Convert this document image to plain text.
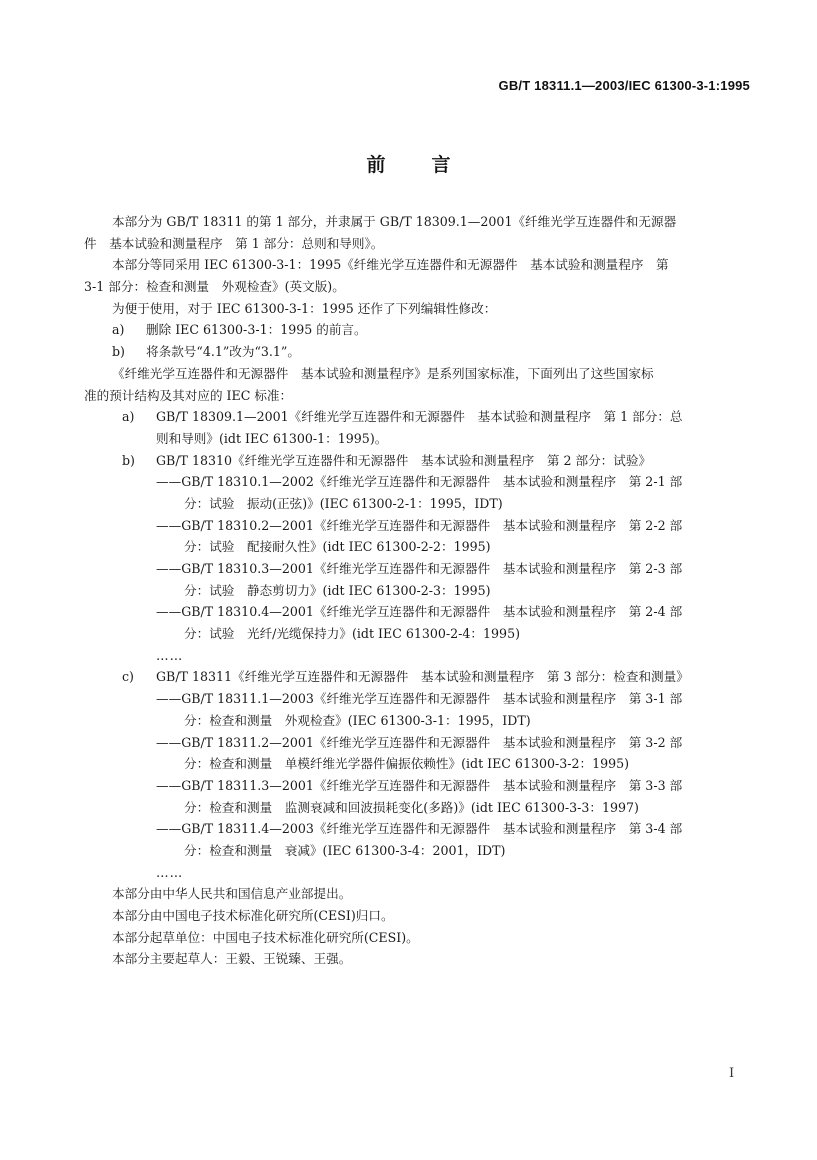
GB/T 18311.1—2003/IEC 61300-3-1:1995
前言
本部分为 GB/T 18311 的第 1 部分，并隶属于 GB/T 18309.1—2001《纤维光学互连器件和无源器
件　基本试验和测量程序　第 1 部分：总则和导则》。
本部分等同采用 IEC 61300-3-1：1995《纤维光学互连器件和无源器件　基本试验和测量程序　第
3-1 部分：检查和测量　外观检查》(英文版)。
为便于使用，对于 IEC 61300-3-1：1995 还作了下列编辑性修改：
a) 删除 IEC 61300-3-1：1995 的前言。
b) 将条款号“4.1”改为“3.1”。
《纤维光学互连器件和无源器件　基本试验和测量程序》是系列国家标准，下面列出了这些国家标
准的预计结构及其对应的 IEC 标准：
a) GB/T 18309.1—2001《纤维光学互连器件和无源器件　基本试验和测量程序　第 1 部分：总
则和导则》(idt IEC 61300-1：1995)。
b) GB/T 18310《纤维光学互连器件和无源器件　基本试验和测量程序　第 2 部分：试验》
——GB/T 18310.1—2002《纤维光学互连器件和无源器件　基本试验和测量程序　第 2-1 部
分：试验　振动(正弦)》(IEC 61300-2-1：1995，IDT)
——GB/T 18310.2—2001《纤维光学互连器件和无源器件　基本试验和测量程序　第 2-2 部
分：试验　配接耐久性》(idt IEC 61300-2-2：1995)
——GB/T 18310.3—2001《纤维光学互连器件和无源器件　基本试验和测量程序　第 2-3 部
分：试验　静态剪切力》(idt IEC 61300-2-3：1995)
——GB/T 18310.4—2001《纤维光学互连器件和无源器件　基本试验和测量程序　第 2-4 部
分：试验　光纤/光缆保持力》(idt IEC 61300-2-4：1995)
……
c) GB/T 18311《纤维光学互连器件和无源器件　基本试验和测量程序　第 3 部分：检查和测量》
——GB/T 18311.1—2003《纤维光学互连器件和无源器件　基本试验和测量程序　第 3-1 部
分：检查和测量　外观检查》(IEC 61300-3-1：1995，IDT)
——GB/T 18311.2—2001《纤维光学互连器件和无源器件　基本试验和测量程序　第 3-2 部
分：检查和测量　单模纤维光学器件偏振依赖性》(idt IEC 61300-3-2：1995)
——GB/T 18311.3—2001《纤维光学互连器件和无源器件　基本试验和测量程序　第 3-3 部
分：检查和测量　监测衰减和回波损耗变化(多路)》(idt IEC 61300-3-3：1997)
——GB/T 18311.4—2003《纤维光学互连器件和无源器件　基本试验和测量程序　第 3-4 部
分：检查和测量　衰减》(IEC 61300-3-4：2001，IDT)
……
本部分由中华人民共和国信息产业部提出。
本部分由中国电子技术标准化研究所(CESI)归口。
本部分起草单位：中国电子技术标准化研究所(CESI)。
本部分主要起草人：王毅、王锐臻、王强。
I
